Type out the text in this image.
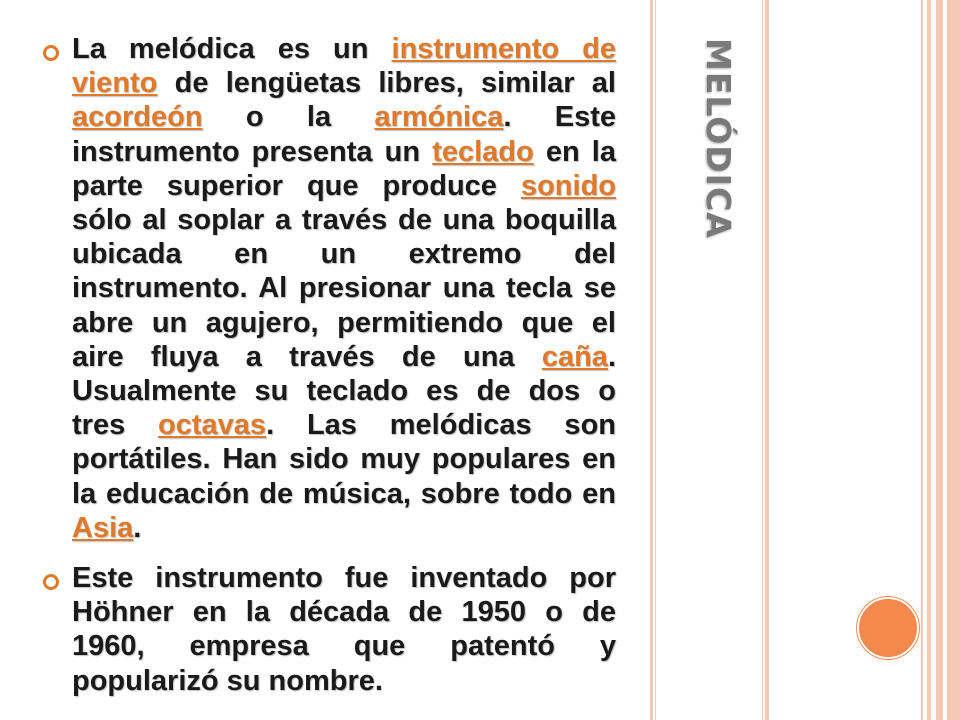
La melódica es un instrumento de viento de lengüetas libres, similar al acordeón o la armónica. Este instrumento presenta un teclado en la parte superior que produce sonido sólo al soplar a través de una boquilla ubicada en un extremo del instrumento. Al presionar una tecla se abre un agujero, permitiendo que el aire fluya a través de una caña. Usualmente su teclado es de dos o tres octavas. Las melódicas son portátiles. Han sido muy populares en la educación de música, sobre todo en Asia.
Este instrumento fue inventado por Höhner en la década de 1950 o de 1960, empresa que patentó y popularizó su nombre.
MELÓDICA
